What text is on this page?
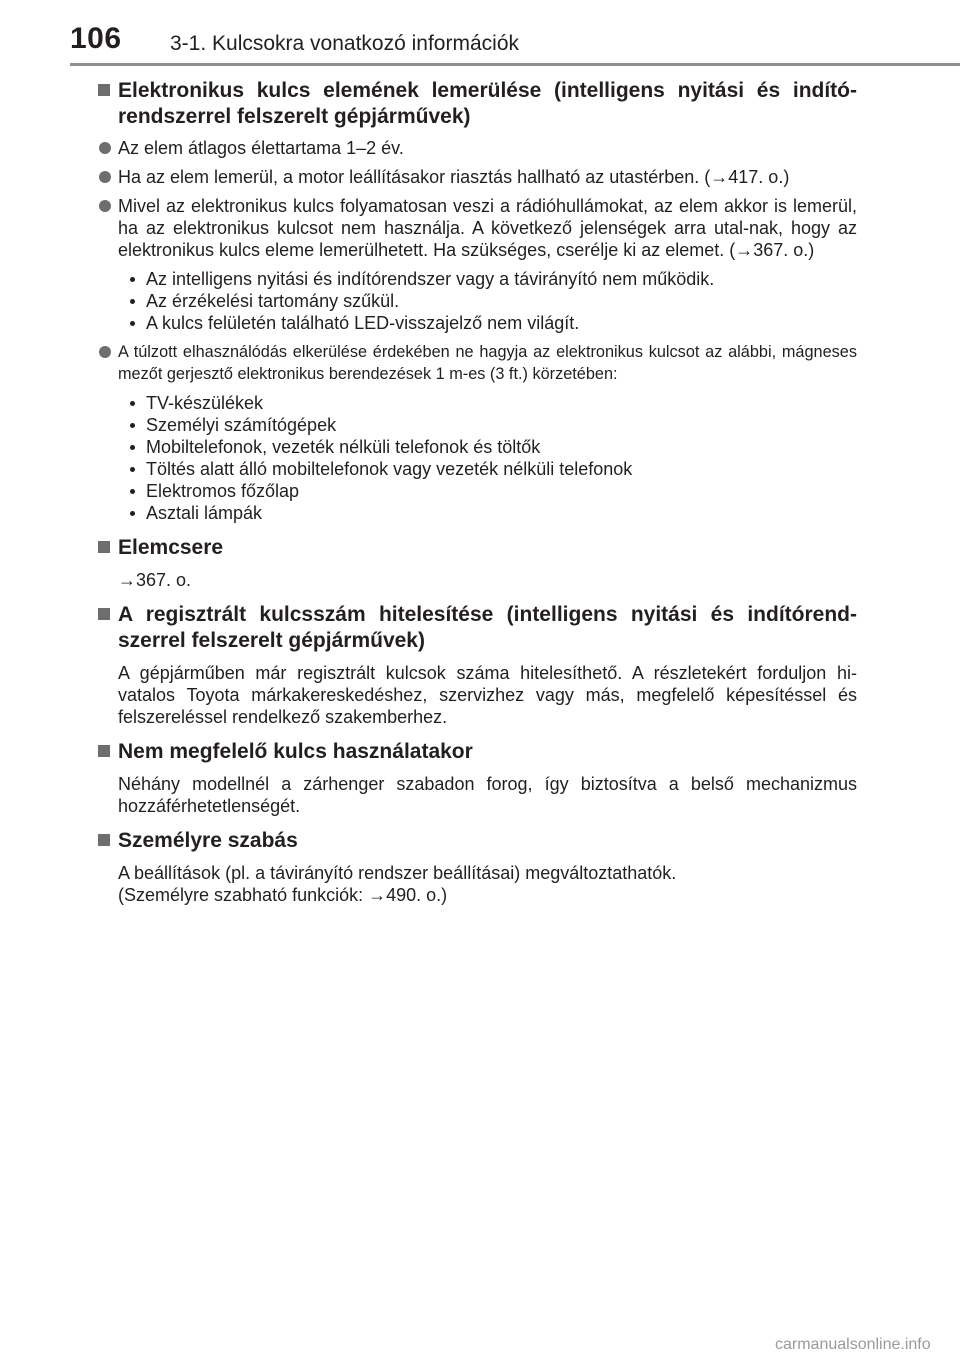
106 3-1. Kulcsokra vonatkozó információk
Elektronikus kulcs elemének lemerülése (intelligens nyitási és indító-rendszerrel felszerelt gépjárművek)
Az elem átlagos élettartama 1–2 év.
Ha az elem lemerül, a motor leállításakor riasztás hallható az utastérben. (→417. o.)
Mivel az elektronikus kulcs folyamatosan veszi a rádióhullámokat, az elem akkor is lemerül, ha az elektronikus kulcsot nem használja. A következő jelenségek arra utal-nak, hogy az elektronikus kulcs eleme lemerülhetett. Ha szükséges, cserélje ki az elemet. (→367. o.)
Az intelligens nyitási és indítórendszer vagy a távirányító nem működik.
Az érzékelési tartomány szűkül.
A kulcs felületén található LED-visszajelző nem világít.
A túlzott elhasználódás elkerülése érdekében ne hagyja az elektronikus kulcsot az alábbi, mágneses mezőt gerjesztő elektronikus berendezések 1 m-es (3 ft.) körzetében:
TV-készülékek
Személyi számítógépek
Mobiltelefonok, vezeték nélküli telefonok és töltők
Töltés alatt álló mobiltelefonok vagy vezeték nélküli telefonok
Elektromos főzőlap
Asztali lámpák
Elemcsere
→367. o.
A regisztrált kulcsszám hitelesítése (intelligens nyitási és indítórend-szerrel felszerelt gépjárművek)
A gépjárműben már regisztrált kulcsok száma hitelesíthető. A részletekért forduljon hi-vatalos Toyota márkakereskedéshez, szervizhez vagy más, megfelelő képesítéssel és felszereléssel rendelkező szakemberhez.
Nem megfelelő kulcs használatakor
Néhány modellnél a zárhenger szabadon forog, így biztosítva a belső mechanizmus hozzáférhetetlenségét.
Személyre szabás
A beállítások (pl. a távirányító rendszer beállításai) megváltoztathatók.
(Személyre szabható funkciók: →490. o.)
carmanualsonline.info
